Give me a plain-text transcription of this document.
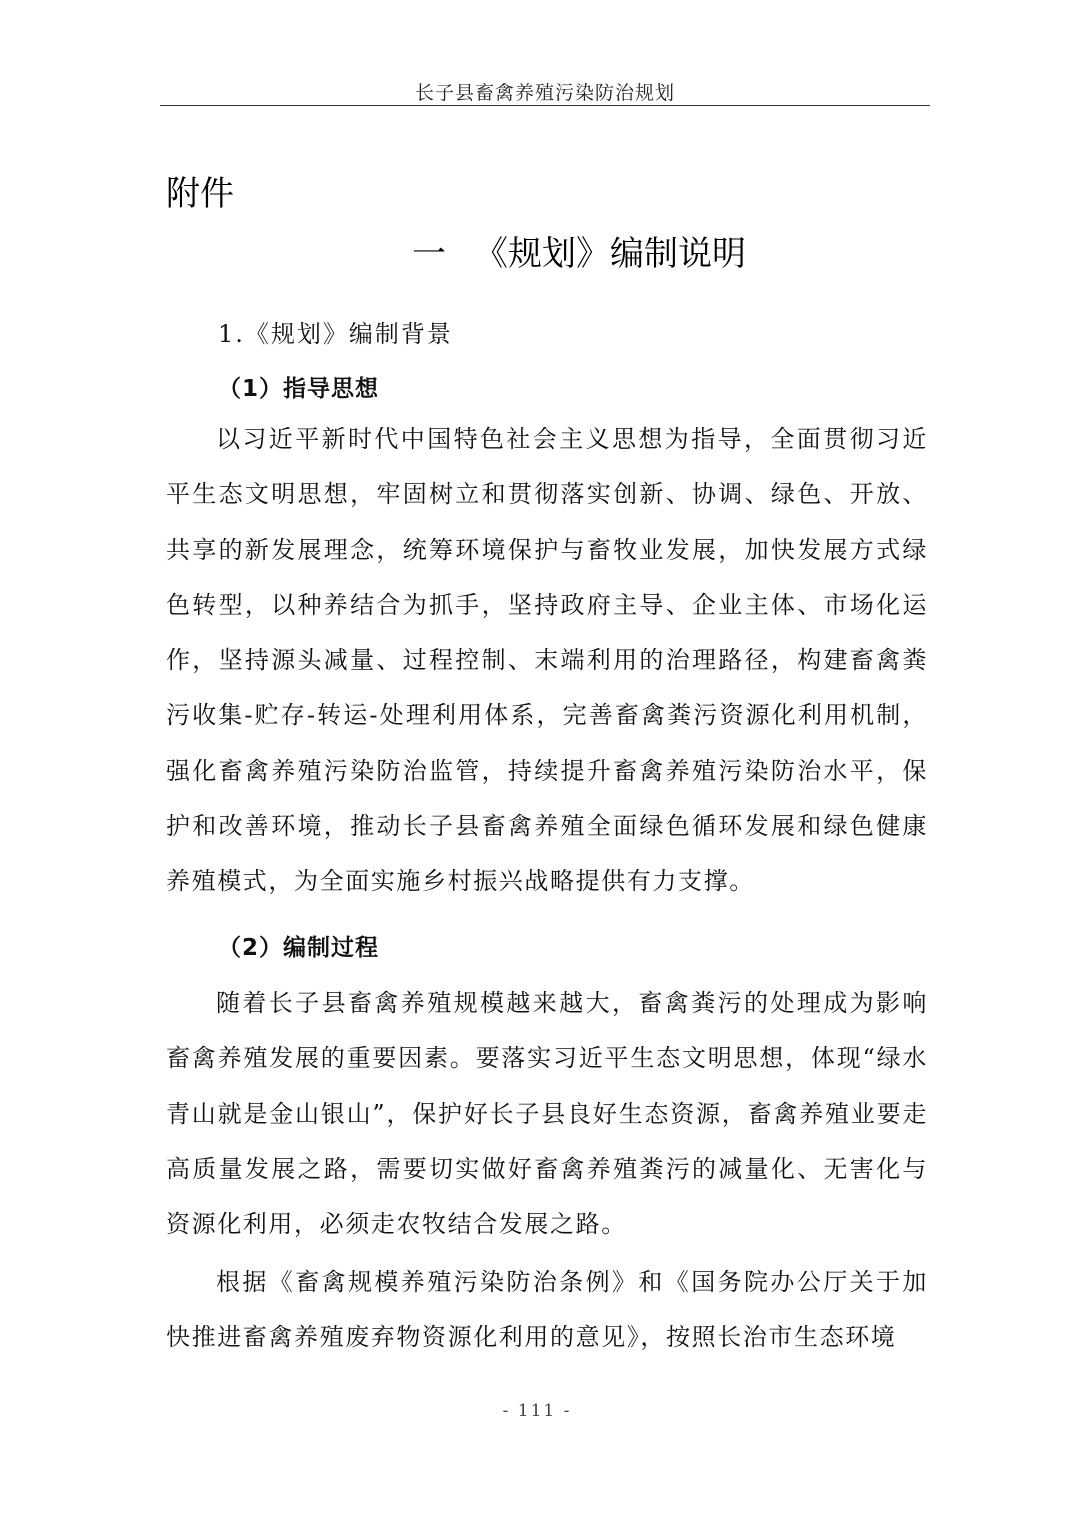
长子县畜禽养殖污染防治规划
附件
一 《规划》编制说明
1.《规划》编制背景
（1）指导思想

以习近平新时代中国特色社会主义思想为指导，全面贯彻习近平生态文明思想，牢固树立和贯彻落实创新、协调、绿色、开放、共享的新发展理念，统筹环境保护与畜牧业发展，加快发展方式绿色转型，以种养结合为抓手，坚持政府主导、企业主体、市场化运作，坚持源头减量、过程控制、末端利用的治理路径，构建畜禽粪污收集-贮存-转运-处理利用体系，完善畜禽粪污资源化利用机制，强化畜禽养殖污染防治监管，持续提升畜禽养殖污染防治水平，保护和改善环境，推动长子县畜禽养殖全面绿色循环发展和绿色健康养殖模式，为全面实施乡村振兴战略提供有力支撑。

（2）编制过程

随着长子县畜禽养殖规模越来越大，畜禽粪污的处理成为影响畜禽养殖发展的重要因素。要落实习近平生态文明思想，体现“绿水青山就是金山银山”，保护好长子县良好生态资源，畜禽养殖业要走高质量发展之路，需要切实做好畜禽养殖粪污的减量化、无害化与资源化利用，必须走农牧结合发展之路。

根据《畜禽规模养殖污染防治条例》和《国务院办公厅关于加快推进畜禽养殖废弃物资源化利用的意见》，按照长治市生态环境

- 111 -
